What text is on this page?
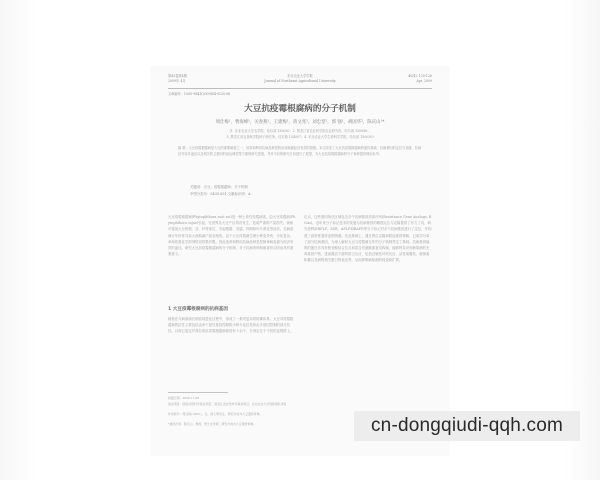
第43卷第4期
2009年 4月
东北农业大学学报
Journal of Northeast Agricultural University
40(4): 120-126
Apr. 2009
文章编号：1000-9841(2009)04-0120-06
大豆抗疫霉根腐病的分子机制
周仕梅¹，曹海峰¹，关春燕¹，王建梅¹，蒋文兆²，刘忠堂²，郭 强¹，胡国华²，陈庆山¹*
(1. 东北农业大学农学院，哈尔滨 150030；2. 黑龙江省农业科学院农业研究所，哈尔滨 150086；
3. 黑龙江省农垦科学院种子研究所，佳木斯 154007；4. 东北农业大学生命科学学院，哈尔滨 150030)
摘 要：大豆疫霉根腐病是大豆的重要病害之一，培育和利用抗病品种是防治该病最经济有效的措施。本文综述了大豆抗疫霉根腐病的遗传基础、抗病基因的定位与克隆、抗病信号转导途径以及相关防卫基因的表达调控等方面的研究进展，并对今后的研究方向进行了展望，为大豆抗疫霉根腐病的分子育种提供理论参考。
关键词：大豆；疫霉根腐病；分子机制
中图分类号：S435.651 文献标识码：A
大豆疫霉根腐病(Phytophthora root rot)是一种土传性疫霉病害，由大豆疫霉菌(Phytophthora sojae)引起，在世界各大豆产区均有发生，造成严重的产量损失。该病可侵染大豆的根、茎、叶等部位，引起根腐、茎腐、猝倒和叶片黄化等症状，在病害流行年份常导致大面积减产甚至绝收。由于大豆疫霉菌生理小种变异快、分化复杂，单纯依靠化学药剂防治效果有限，因此选育和利用抗病品种是控制该病害最为经济有效的途径。研究大豆抗疫霉根腐病的分子机制，对于抗病育种和病害综合防治具有重要意义。
1 大豆疫霉根腐病的抗病基因
植物在与病原菌长期协同进化过程中，形成了一系列复杂的防御体系。大豆对疫霉根腐病的抗性主要包括由单个显性基因控制的小种专化抗性和由多基因控制的部分抗性。目前已鉴定并命名的抗疫霉根腐病基因有十余个，分别定位于不同的连锁群上。
位点，这些基因所在区域包含多个抗病基因类似序列(Resistance Gene Analogs, RGAs)。近年来分子标记技术的发展为抗病基因的精细定位与克隆提供了有力工具，研究者利用RFLP、SSR、AFLP和RAPD等分子标记对多个抗病基因进行了定位，并构建了高密度遗传连锁图谱。在此基础上，通过图位克隆和候选基因策略，已成功分离了部分抗病基因，为深入解析大豆与疫霉菌互作的分子机制奠定了基础。抗病基因编码的蛋白多具有核苷酸结合位点和富含亮氨酸重复结构域，能够特异识别病原菌的无毒基因产物，进而激活下游的防卫反应，包括过敏性坏死反应、活性氧爆发、植保素积累以及病程相关蛋白的表达等，从而抑制病原菌的侵染和扩展。
收稿日期：2008-11-08
基金项目：国家自然科学基金项目；黑龙江省自然科学基金项目；东北农业大学创新团队项目
作者简介：周仕梅(1983-)，女，硕士研究生，研究方向为大豆遗传育种。
*通讯作者：陈庆山，教授，博士生导师，研究方向为大豆遗传育种。	cn-dongqiudi-qqh.com
